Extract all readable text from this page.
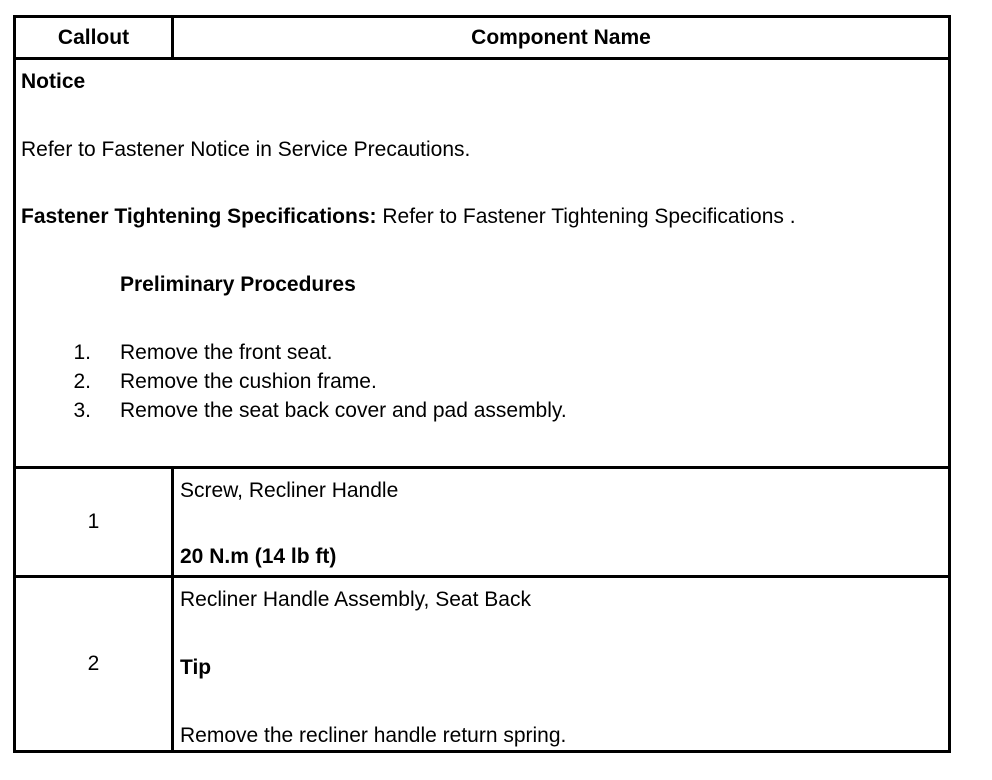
Callout	Component Name
Notice
Refer to Fastener Notice in Service Precautions.
Fastener Tightening Specifications: Refer to Fastener Tightening Specifications .
Preliminary Procedures
1. Remove the front seat.
2. Remove the cushion frame.
3. Remove the seat back cover and pad assembly.
1
Screw, Recliner Handle
20 N.m (14 lb ft)
2
Recliner Handle Assembly, Seat Back
Tip
Remove the recliner handle return spring.
